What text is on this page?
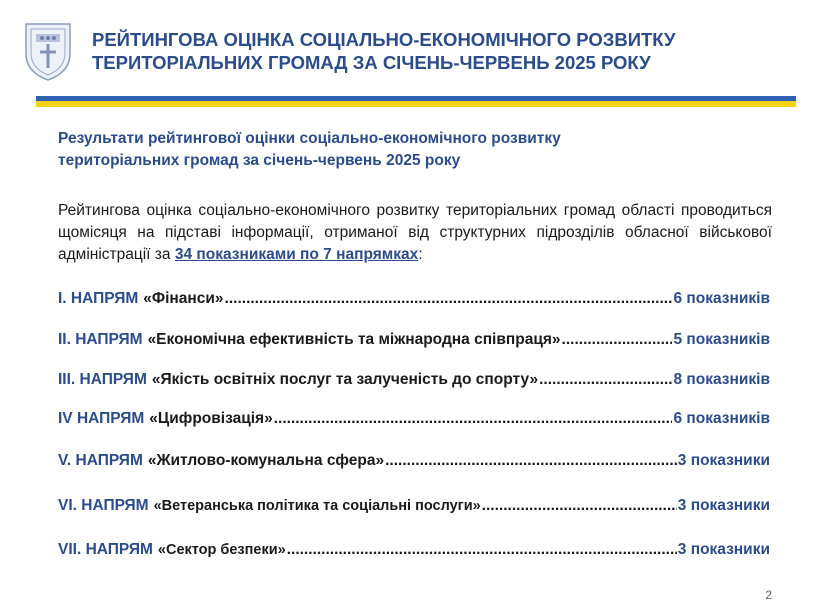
РЕЙТИНГОВА ОЦІНКА СОЦІАЛЬНО-ЕКОНОМІЧНОГО РОЗВИТКУ
ТЕРИТОРІАЛЬНИХ ГРОМАД ЗА СІЧЕНЬ-ЧЕРВЕНЬ 2025 РОКУ
Результати рейтингової оцінки соціально-економічного розвитку
територіальних громад за січень-червень 2025 року
Рейтингова оцінка соціально-економічного розвитку територіальних громад області проводиться щомісяця на підставі інформації, отриманої від структурних підрозділів обласної військової адміністрації за 34 показниками по 7 напрямках:
I. НАПРЯМ «Фінанси» .....	6 показників
II. НАПРЯМ «Економічна ефективність та міжнародна співпраця» .....	5 показників
III. НАПРЯМ «Якість освітніх послуг та залученість до спорту» .....	8 показників
IV НАПРЯМ «Цифровізація» .....	6 показників
V. НАПРЯМ «Житлово-комунальна сфера» .....	3 показники
VI. НАПРЯМ «Ветеранська політика та соціальні послуги» .....	3 показники
VII. НАПРЯМ «Сектор безпеки» .....	3 показники
2
